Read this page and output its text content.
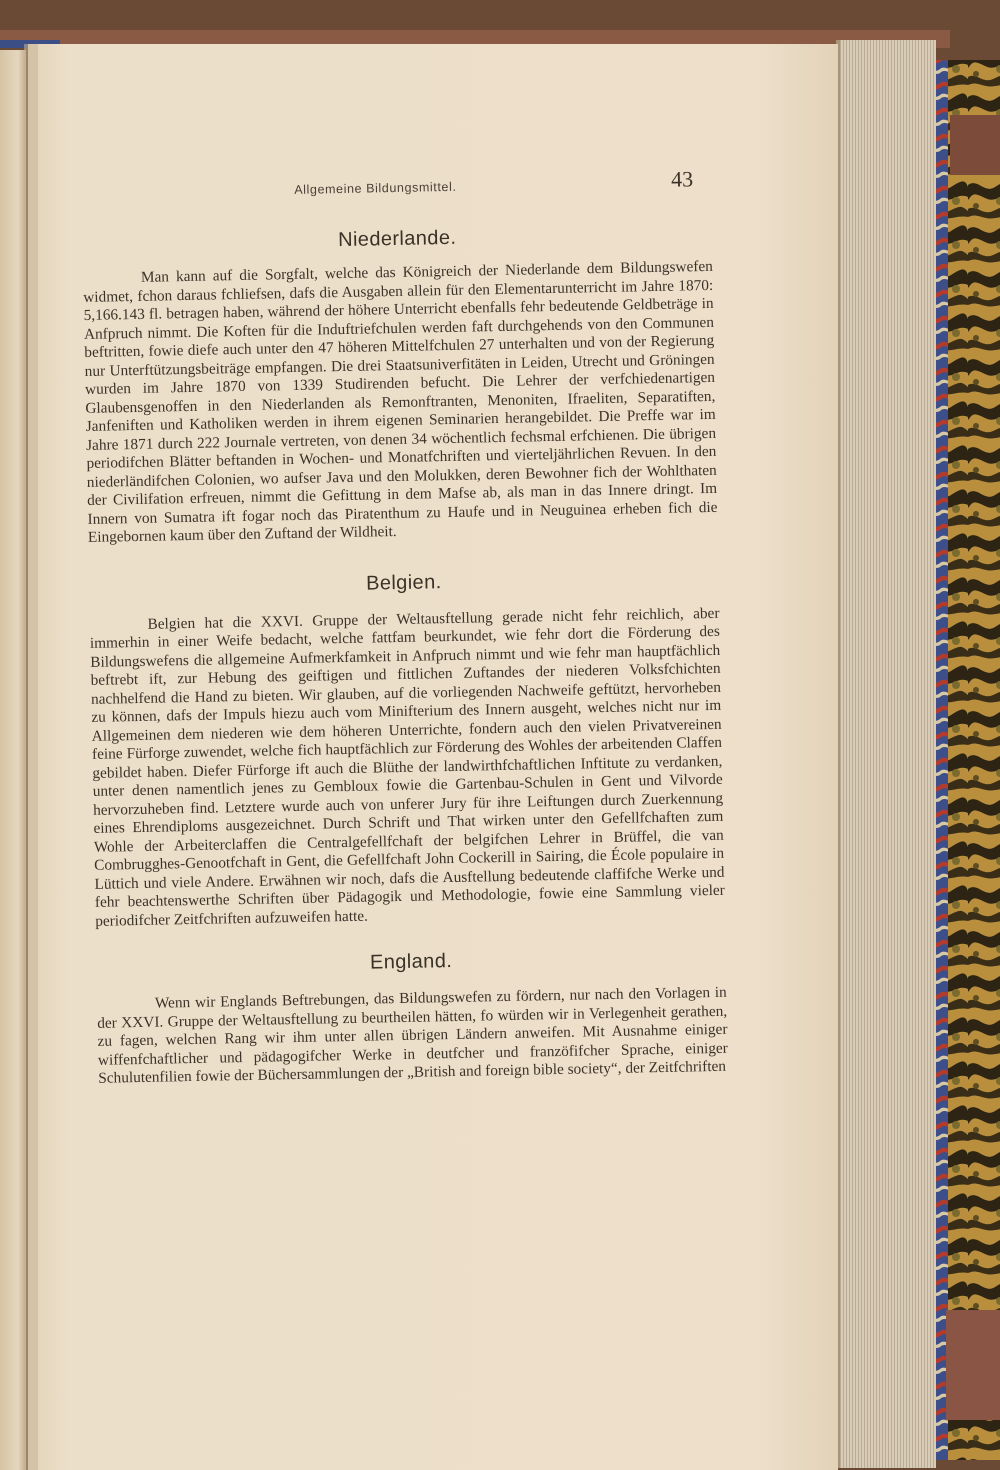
Allgemeine Bildungsmittel.	43
Niederlande.

Man kann auf die Sorgfalt, welche das Königreich der Niederlande dem Bildungswefen widmet, fchon daraus fchliefsen, dafs die Ausgaben allein für den Elementarunterricht im Jahre 1870: 5,166.143 fl. betragen haben, während der höhere Unterricht ebenfalls fehr bedeutende Geldbeträge in Anfpruch nimmt. Die Koften für die Induftriefchulen werden faft durchgehends von den Communen beftritten, fowie diefe auch unter den 47 höheren Mittelfchulen 27 unterhalten und von der Regierung nur Unterftützungsbeiträge empfangen. Die drei Staatsuniverfitäten in Leiden, Utrecht und Gröningen wurden im Jahre 1870 von 1339 Studirenden befucht. Die Lehrer der verfchiedenartigen Glaubensgenoffen in den Niederlanden als Remonftranten, Menoniten, Ifraeliten, Separatiften, Janfeniften und Katholiken werden in ihrem eigenen Seminarien herangebildet. Die Preffe war im Jahre 1871 durch 222 Journale vertreten, von denen 34 wöchentlich fechsmal erfchienen. Die übrigen periodifchen Blätter beftanden in Wochen- und Monatfchriften und vierteljährlichen Revuen. In den niederländifchen Colonien, wo aufser Java und den Molukken, deren Bewohner fich der Wohlthaten der Civilifation erfreuen, nimmt die Gefittung in dem Mafse ab, als man in das Innere dringt. Im Innern von Sumatra ift fogar noch das Piratenthum zu Haufe und in Neuguinea erheben fich die Eingebornen kaum über den Zuftand der Wildheit.

Belgien.

Belgien hat die XXVI. Gruppe der Weltausftellung gerade nicht fehr reichlich, aber immerhin in einer Weife bedacht, welche fattfam beurkundet, wie fehr dort die Förderung des Bildungswefens die allgemeine Aufmerkfamkeit in Anfpruch nimmt und wie fehr man hauptfächlich beftrebt ift, zur Hebung des geiftigen und fittlichen Zuftandes der niederen Volksfchichten nachhelfend die Hand zu bieten. Wir glauben, auf die vorliegenden Nachweife geftützt, hervorheben zu können, dafs der Impuls hiezu auch vom Minifterium des Innern ausgeht, welches nicht nur im Allgemeinen dem niederen wie dem höheren Unterrichte, fondern auch den vielen Privatvereinen feine Fürforge zuwendet, welche fich hauptfächlich zur Förderung des Wohles der arbeitenden Claffen gebildet haben. Diefer Fürforge ift auch die Blüthe der landwirthfchaftlichen Inftitute zu verdanken, unter denen namentlich jenes zu Gembloux fowie die Gartenbau-Schulen in Gent und Vilvorde hervorzuheben find. Letztere wurde auch von unferer Jury für ihre Leiftungen durch Zuerkennung eines Ehrendiploms ausgezeichnet. Durch Schrift und That wirken unter den Gefellfchaften zum Wohle der Arbeiterclaffen die Centralgefellfchaft der belgifchen Lehrer in Brüffel, die van Combrugghes-Genootfchaft in Gent, die Gefellfchaft John Cockerill in Sairing, die École populaire in Lüttich und viele Andere. Erwähnen wir noch, dafs die Ausftellung bedeutende claffifche Werke und fehr beachtenswerthe Schriften über Pädagogik und Methodologie, fowie eine Sammlung vieler periodifcher Zeitfchriften aufzuweifen hatte.

England.

Wenn wir Englands Beftrebungen, das Bildungswefen zu fördern, nur nach den Vorlagen in der XXVI. Gruppe der Weltausftellung zu beurtheilen hätten, fo würden wir in Verlegenheit gerathen, zu fagen, welchen Rang wir ihm unter allen übrigen Ländern anweifen. Mit Ausnahme einiger wiffenfchaftlicher und pädagogifcher Werke in deutfcher und franzöfifcher Sprache, einiger Schulutenfilien fowie der Büchersammlungen der „British and foreign bible society“, der Zeitfchriften
